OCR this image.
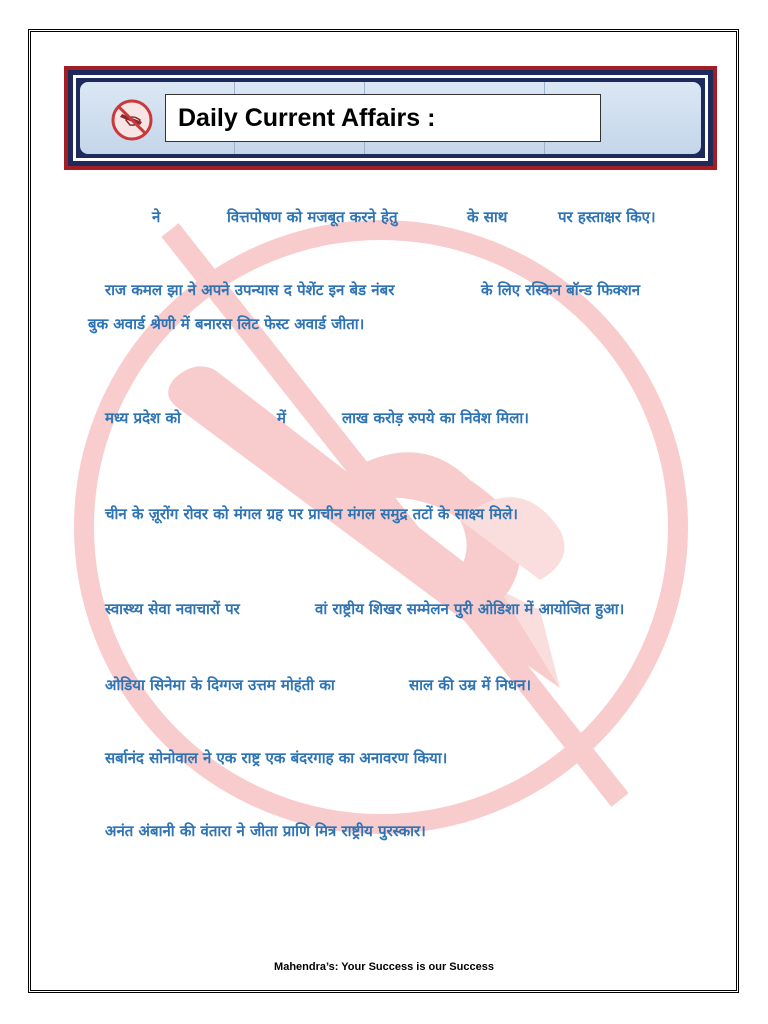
Daily Current Affairs :
ने	वित्तपोषण को मजबूत करने हेतु	के साथ	पर हस्ताक्षर किए।
राज कमल झा ने अपने उपन्यास द पेशेंट इन बेड नंबर	के लिए रस्किन बॉन्ड फिक्शन
बुक अवार्ड श्रेणी में बनारस लिट फेस्ट अवार्ड जीता।
मध्य प्रदेश को	में	लाख करोड़ रुपये का निवेश मिला।
चीन के ज़ूरोंग रोवर को मंगल ग्रह पर प्राचीन मंगल समुद्र तटों के साक्ष्य मिले।
स्वास्थ्य सेवा नवाचारों पर	वां राष्ट्रीय शिखर सम्मेलन पुरी ओडिशा में आयोजित हुआ।
ओडिया सिनेमा के दिग्गज उत्तम मोहंती का	साल की उम्र में निधन।
सर्बानंद सोनोवाल ने एक राष्ट्र एक बंदरगाह का अनावरण किया।
अनंत अंबानी की वंतारा ने जीता प्राणि मित्र राष्ट्रीय पुरस्कार।
Mahendra’s: Your Success is our Success
